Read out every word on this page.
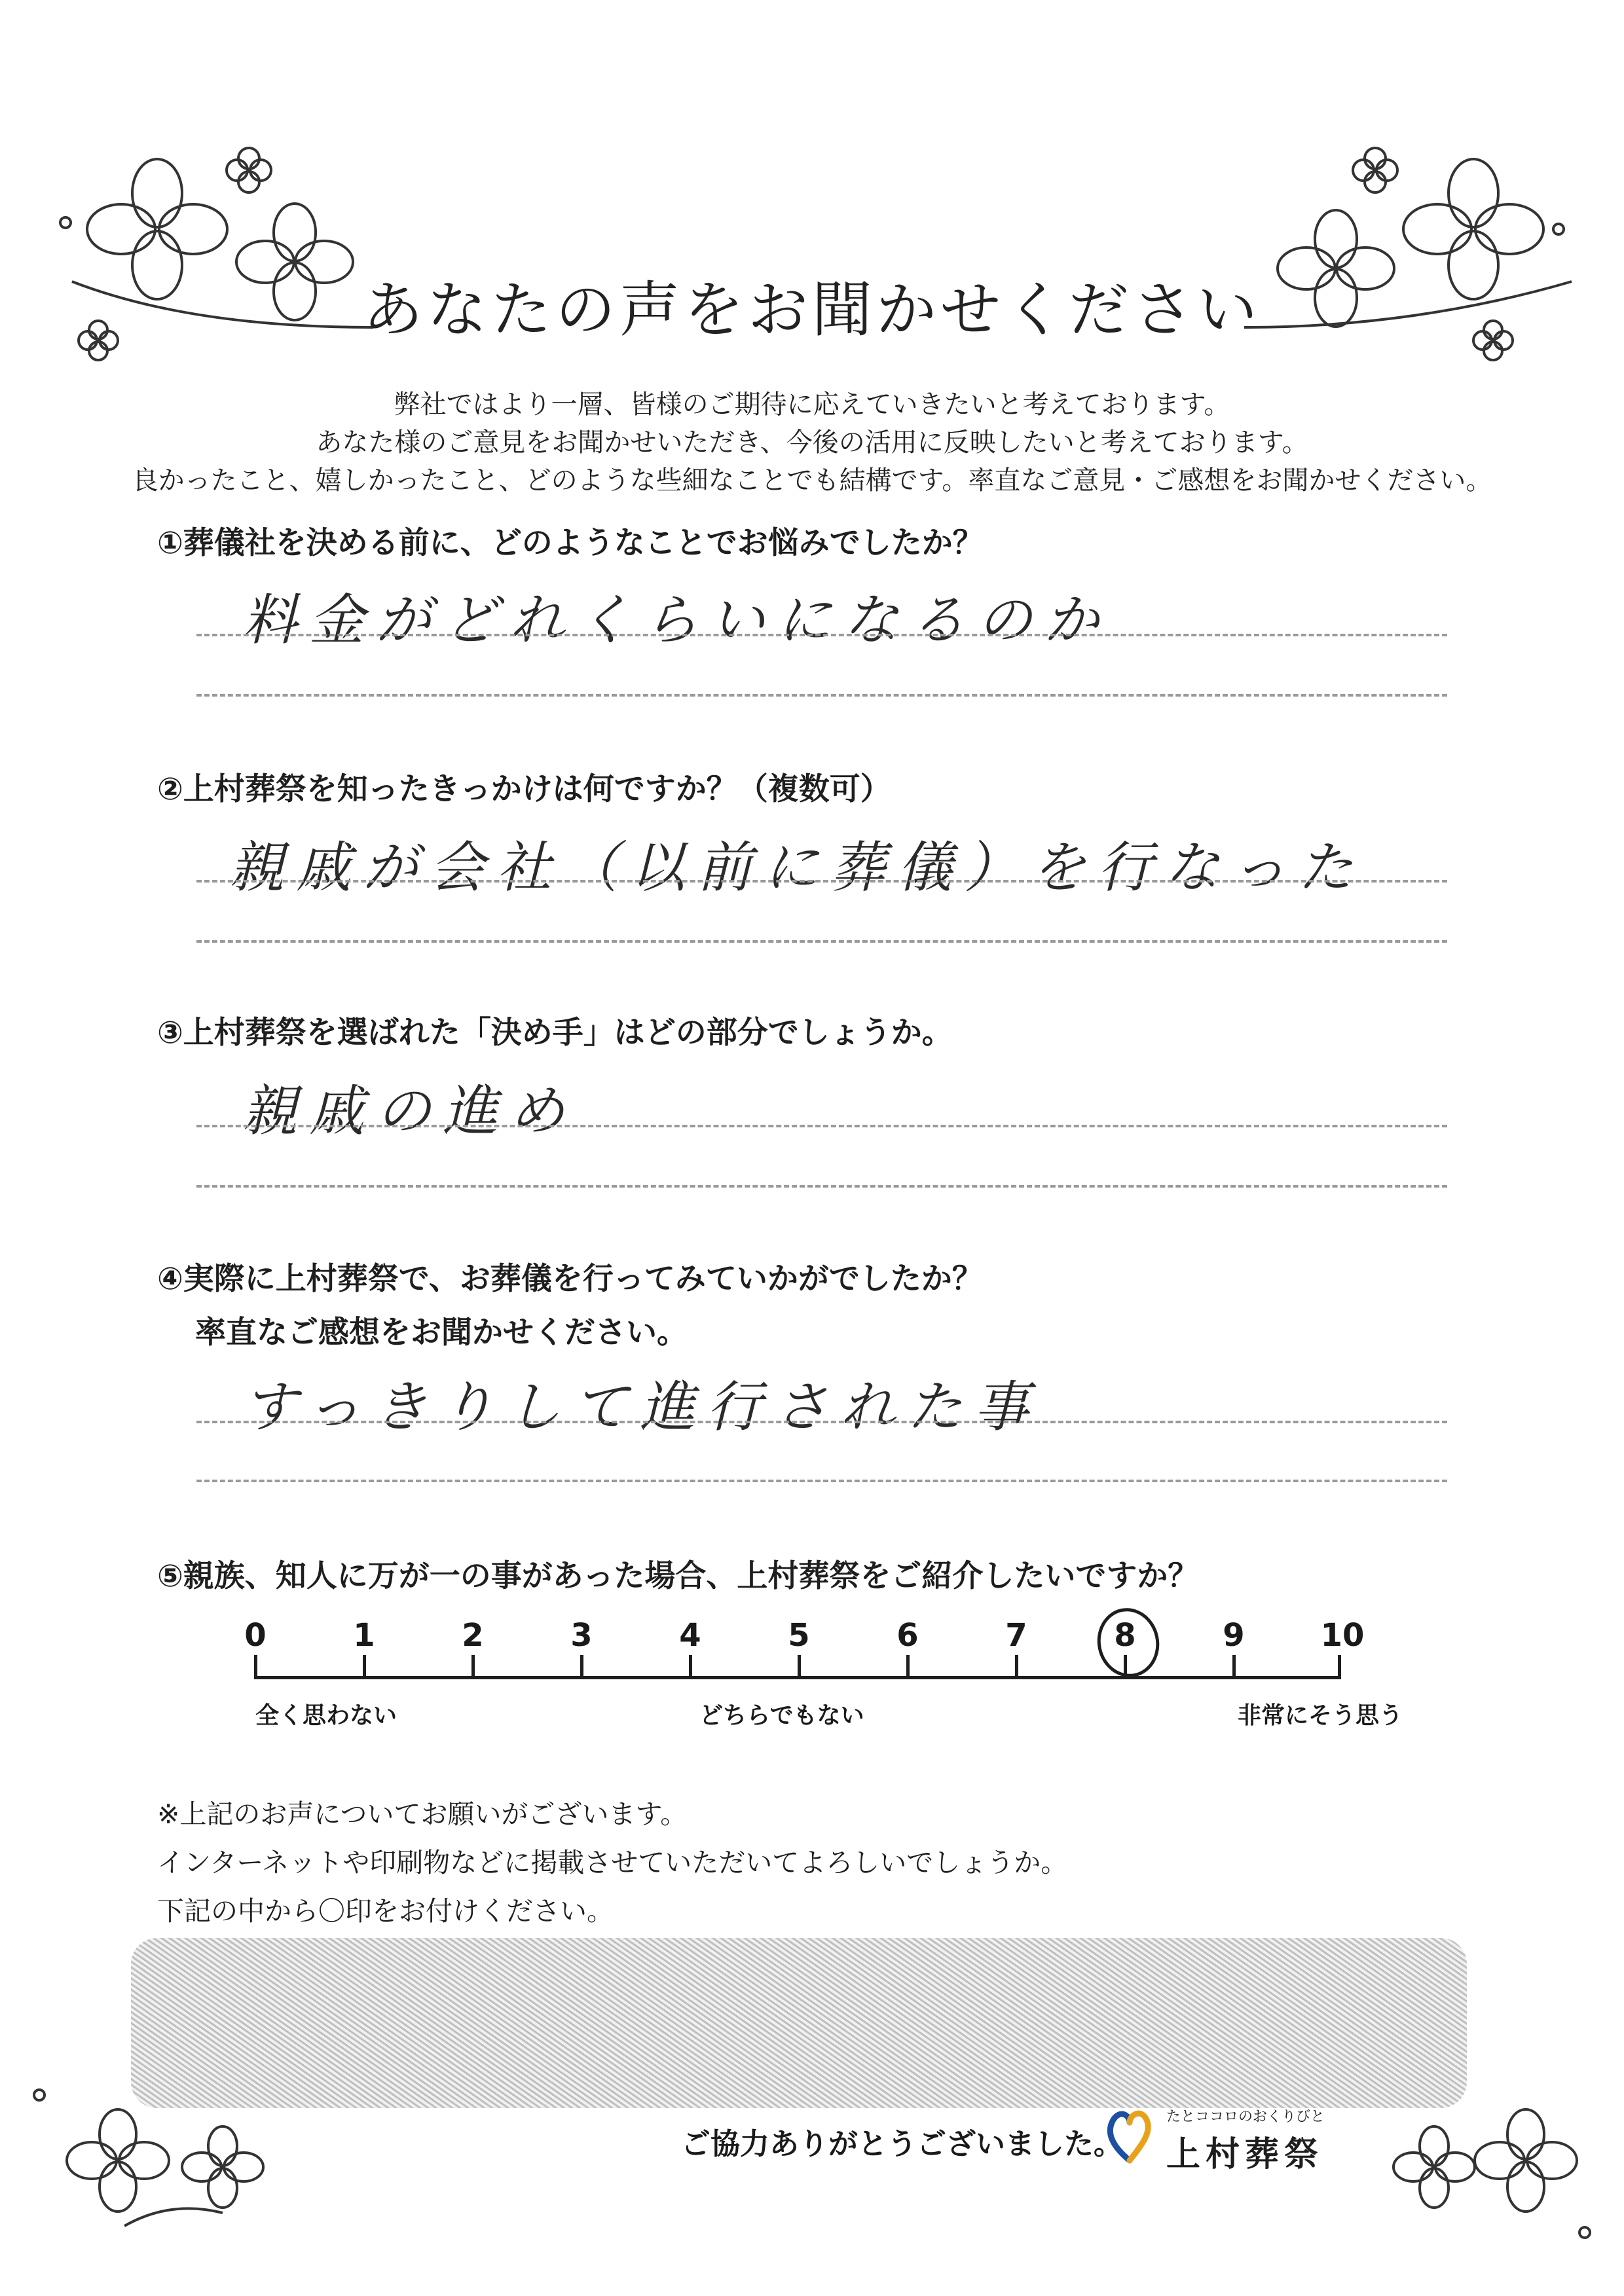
あなたの声をお聞かせください
弊社ではより一層、皆様のご期待に応えていきたいと考えております。
あなた様のご意見をお聞かせいただき、今後の活用に反映したいと考えております。
良かったこと、嬉しかったこと、どのような些細なことでも結構です。率直なご意見・ご感想をお聞かせください。
①葬儀社を決める前に、どのようなことでお悩みでしたか？
料金がどれくらいになるのか
②上村葬祭を知ったきっかけは何ですか？（複数可）
親戚が会社（以前に葬儀）を行なった
③上村葬祭を選ばれた「決め手」はどの部分でしょうか。
親戚の進め
④実際に上村葬祭で、お葬儀を行ってみていかがでしたか？
率直なご感想をお聞かせください。
すっきりして進行された事
⑤親族、知人に万が一の事があった場合、上村葬祭をご紹介したいですか？
0	1	2	3	4	5	6	7	8	9	10
全く思わない	どちらでもない	非常にそう思う
※上記のお声についてお願いがございます。
インターネットや印刷物などに掲載させていただいてよろしいでしょうか。
下記の中から〇印をお付けください。
ご協力ありがとうございました。
たとココロのおくりびと
上村葬祭
